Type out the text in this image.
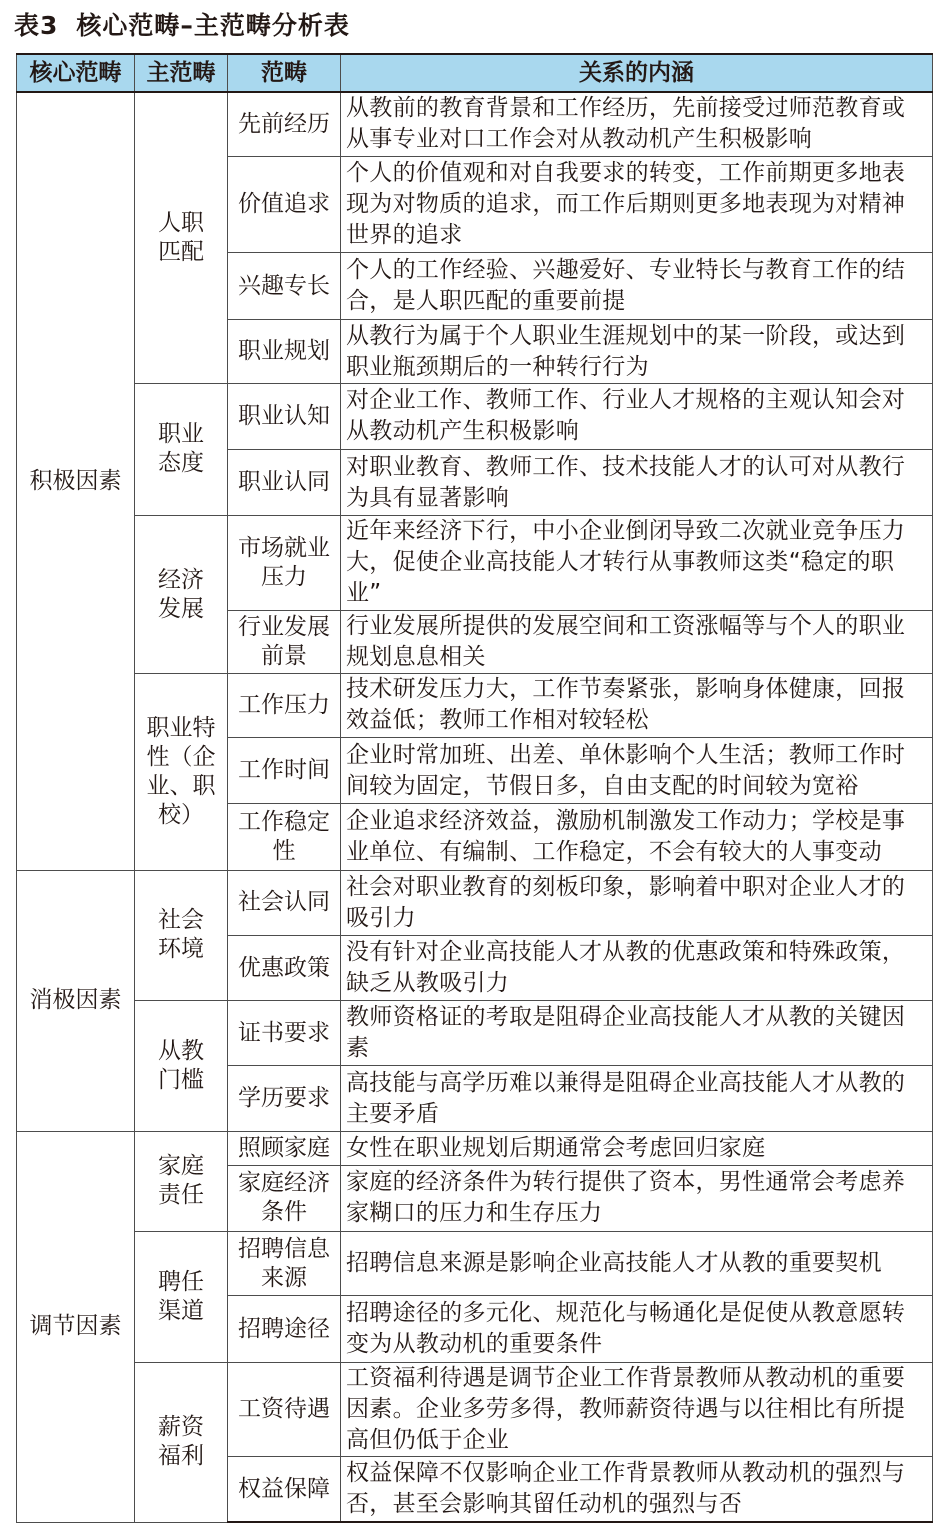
表3 核心范畴–主范畴分析表
核心范畴	主范畴	范畴	关系的内涵
积极因素	人职匹配	先前经历	从教前的教育背景和工作经历，先前接受过师范教育或从事专业对口工作会对从教动机产生积极影响
		价值追求	个人的价值观和对自我要求的转变，工作前期更多地表现为对物质的追求，而工作后期则更多地表现为对精神世界的追求
		兴趣专长	个人的工作经验、兴趣爱好、专业特长与教育工作的结合，是人职匹配的重要前提
		职业规划	从教行为属于个人职业生涯规划中的某一阶段，或达到职业瓶颈期后的一种转行行为

	职业态度	职业认知	对企业工作、教师工作、行业人才规格的主观认知会对从教动机产生积极影响
		职业认同	对职业教育、教师工作、技术技能人才的认可对从教行为具有显著影响

	经济发展	市场就业压力	近年来经济下行，中小企业倒闭导致二次就业竞争压力大，促使企业高技能人才转行从事教师这类“稳定的职业”

		行业发展前景	行业发展所提供的发展空间和工资涨幅等与个人的职业规划息息相关

	职业特性（企业、职校）	工作压力	技术研发压力大，工作节奏紧张，影响身体健康，回报效益低；教师工作相对较轻松
		工作时间	企业时常加班、出差、单休影响个人生活；教师工作时间较为固定，节假日多，自由支配的时间较为宽裕

		工作稳定性	企业追求经济效益，激励机制激发工作动力；学校是事业单位、有编制、工作稳定，不会有较大的人事变动
消极因素	社会环境	社会认同	社会对职业教育的刻板印象，影响着中职对企业人才的吸引力
		优惠政策	没有针对企业高技能人才从教的优惠政策和特殊政策，缺乏从教吸引力

	从教门槛	证书要求	教师资格证的考取是阻碍企业高技能人才从教的关键因素
		学历要求	高技能与高学历难以兼得是阻碍企业高技能人才从教的主要矛盾
调节因素	家庭责任	照顾家庭	女性在职业规划后期通常会考虑回归家庭

		家庭经济条件	家庭的经济条件为转行提供了资本，男性通常会考虑养家糊口的压力和生存压力

	聘任渠道	招聘信息来源	招聘信息来源是影响企业高技能人才从教的重要契机
		招聘途径	招聘途径的多元化、规范化与畅通化是促使从教意愿转变为从教动机的重要条件

	薪资福利	工资待遇	工资福利待遇是调节企业工作背景教师从教动机的重要因素。企业多劳多得，教师薪资待遇与以往相比有所提高但仍低于企业
		权益保障	权益保障不仅影响企业工作背景教师从教动机的强烈与否，甚至会影响其留任动机的强烈与否
